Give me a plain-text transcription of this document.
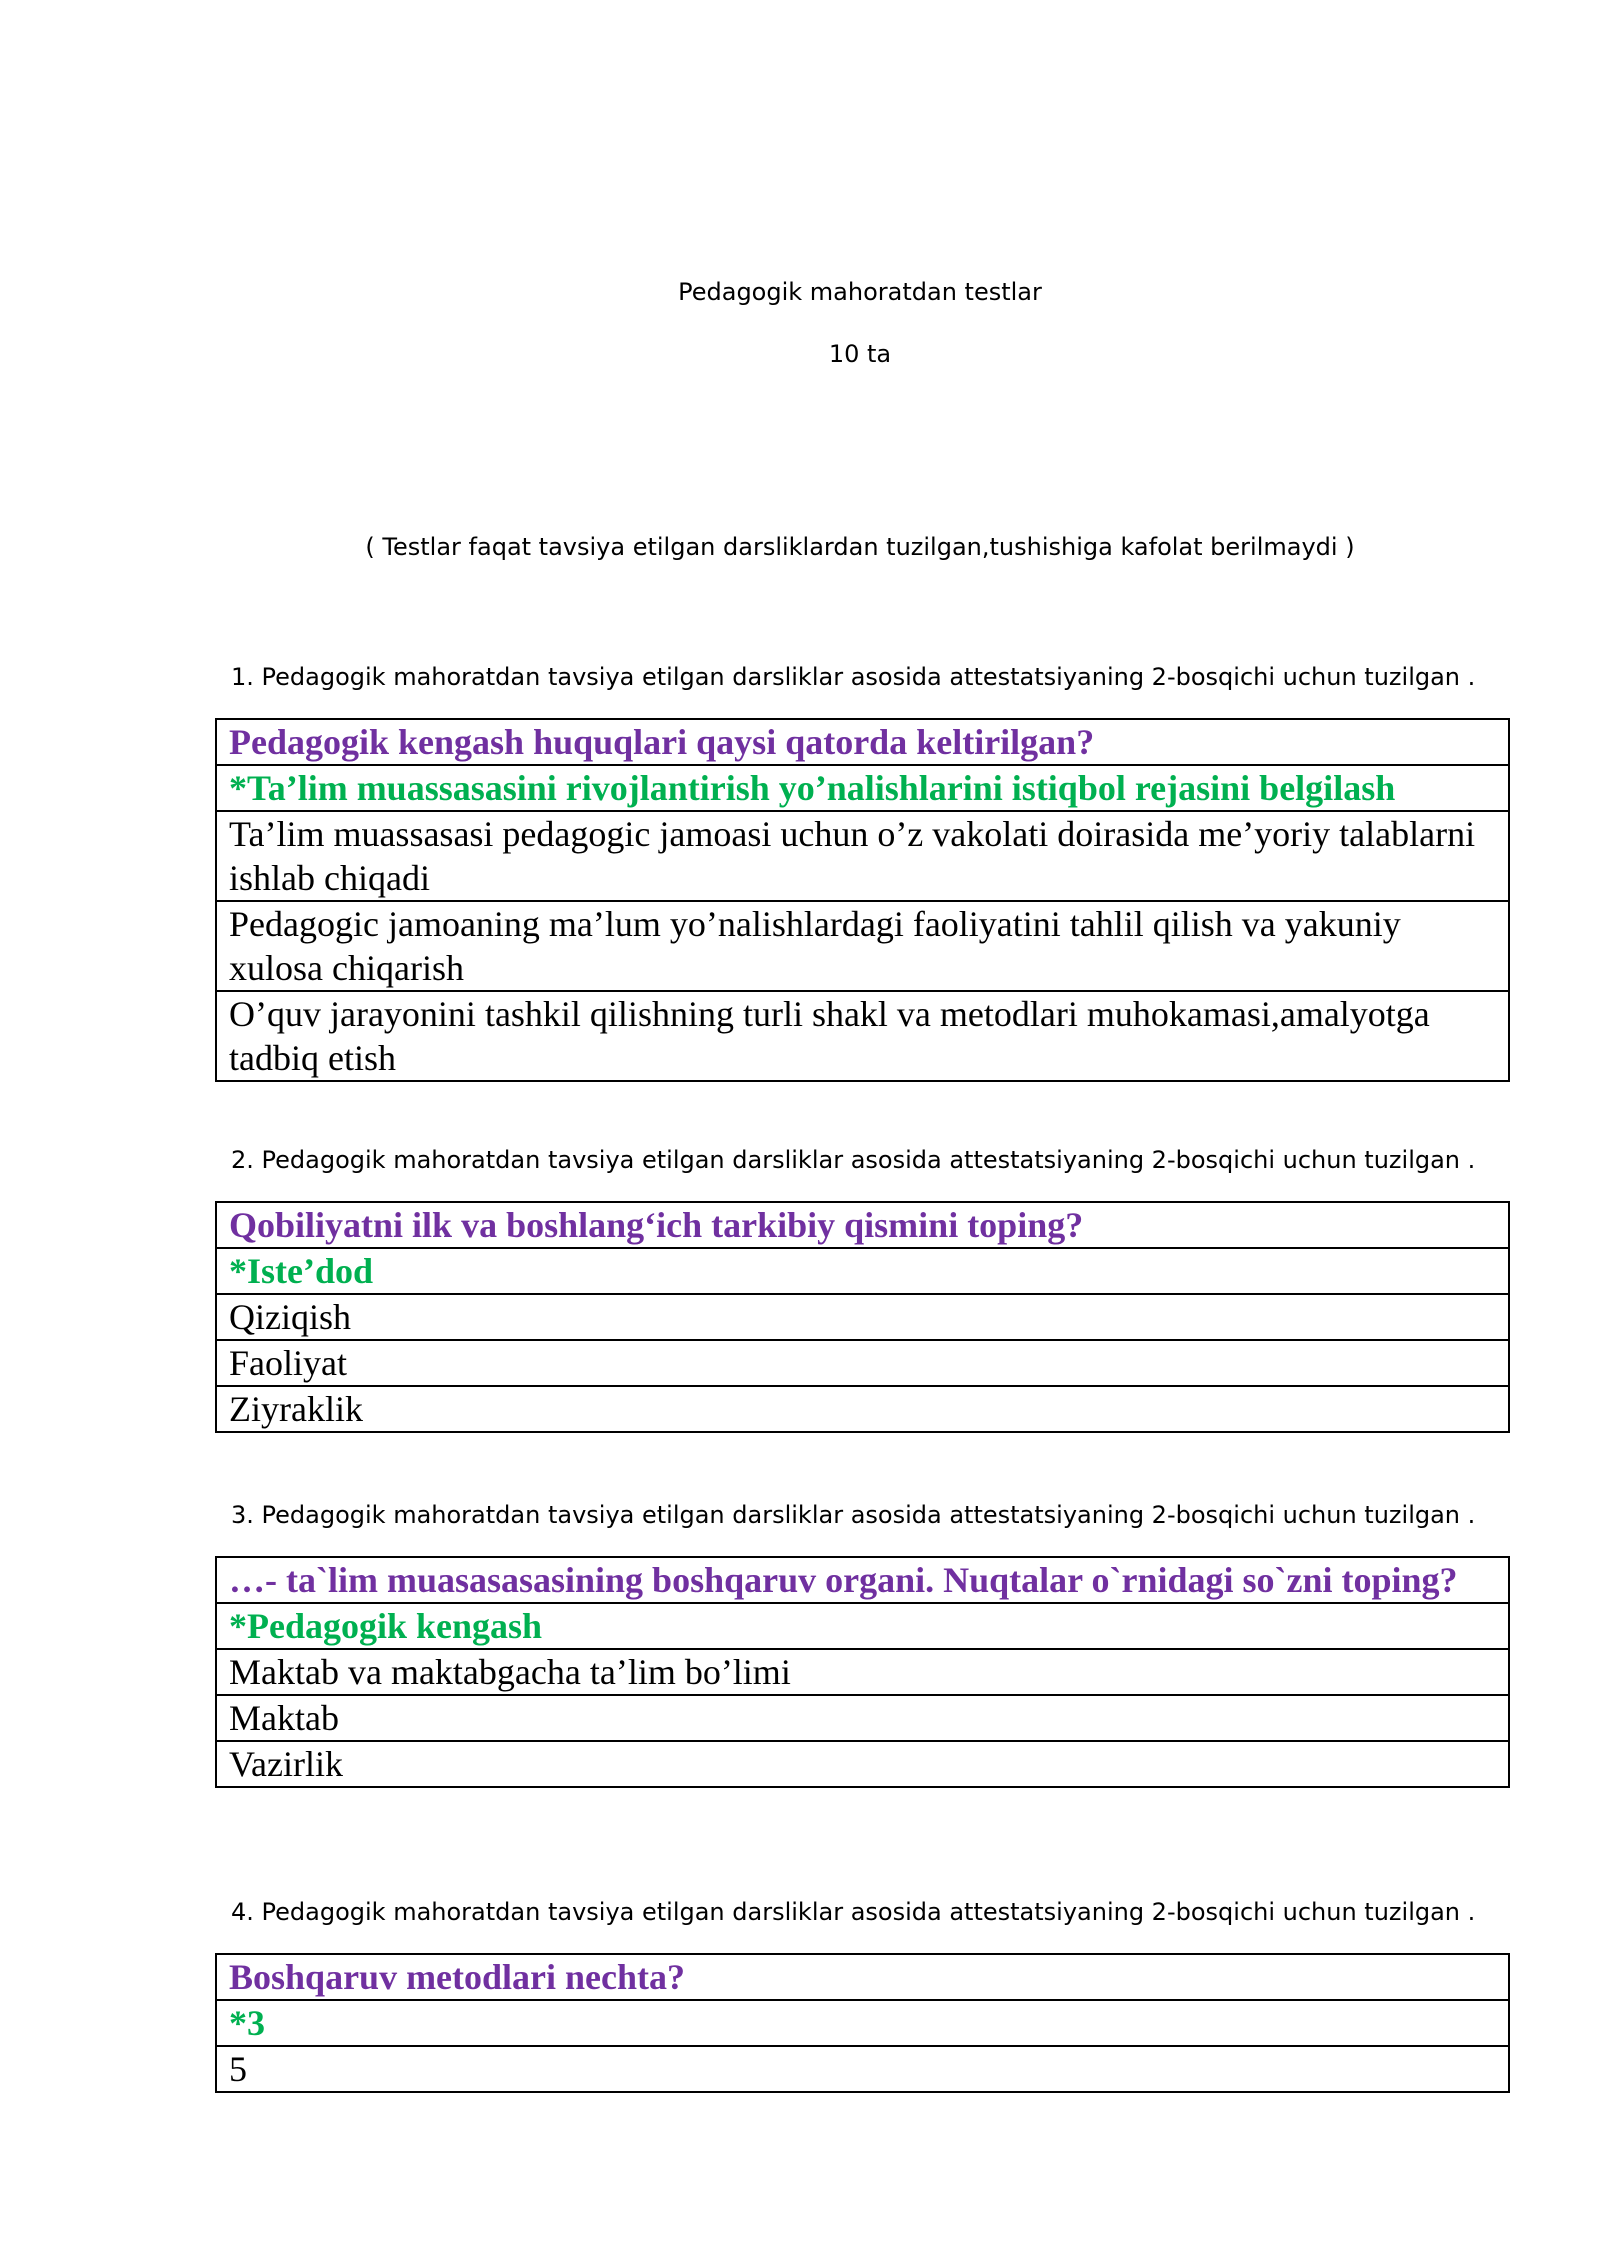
Pedagogik mahoratdan testlar
10 ta
( Testlar faqat tavsiya etilgan darsliklardan tuzilgan,tushishiga kafolat berilmaydi )
1. Pedagogik mahoratdan tavsiya etilgan darsliklar asosida attestatsiyaning 2-bosqichi uchun tuzilgan .
Pedagogik kengash huquqlari qaysi qatorda keltirilgan?
*Ta’lim muassasasini rivojlantirish yo’nalishlarini istiqbol rejasini belgilash
Ta’lim muassasasi pedagogic jamoasi uchun o’z vakolati doirasida me’yoriy talablarni ishlab chiqadi
Pedagogic jamoaning ma’lum yo’nalishlardagi faoliyatini tahlil qilish va yakuniy xulosa chiqarish
O’quv jarayonini tashkil qilishning turli shakl va metodlari muhokamasi,amalyotga tadbiq etish
2. Pedagogik mahoratdan tavsiya etilgan darsliklar asosida attestatsiyaning 2-bosqichi uchun tuzilgan .
Qobiliyatni ilk va boshlang‘ich tarkibiy qismini toping?
*Iste’dod
Qiziqish
Faoliyat
Ziyraklik
3. Pedagogik mahoratdan tavsiya etilgan darsliklar asosida attestatsiyaning 2-bosqichi uchun tuzilgan .
…- ta`lim muasasasasining boshqaruv organi. Nuqtalar o`rnidagi so`zni toping?
*Pedagogik kengash
Maktab va maktabgacha ta’lim bo’limi
Maktab
Vazirlik
4. Pedagogik mahoratdan tavsiya etilgan darsliklar asosida attestatsiyaning 2-bosqichi uchun tuzilgan .
Boshqaruv metodlari nechta?
*3
5
